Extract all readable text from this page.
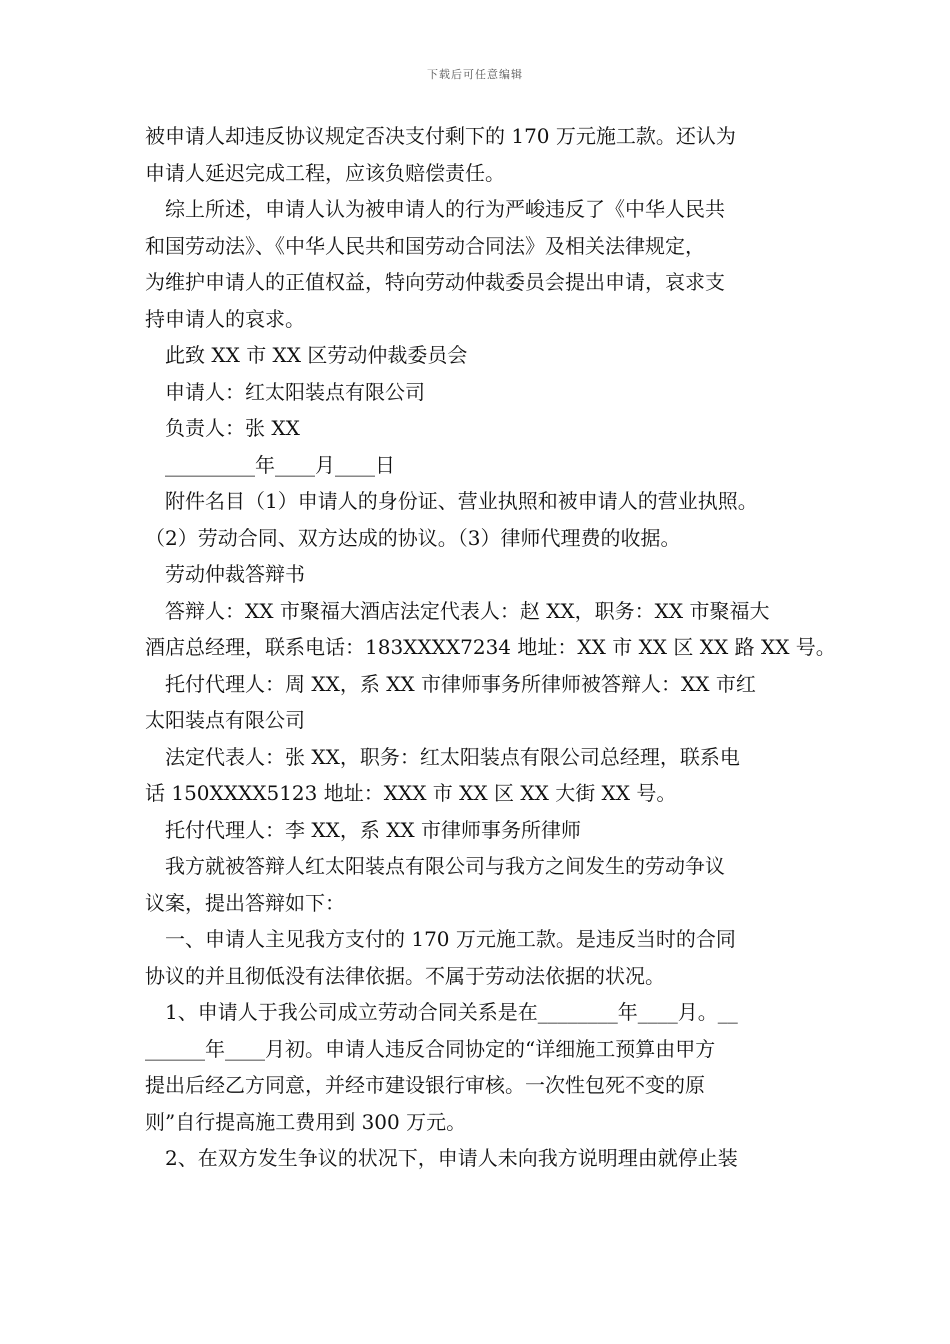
下载后可任意编辑
被申请人却违反协议规定否决支付剩下的 170 万元施工款。还认为
申请人延迟完成工程，应该负赔偿责任。
综上所述，申请人认为被申请人的行为严峻违反了《中华人民共
和国劳动法》、《中华人民共和国劳动合同法》及相关法律规定，
为维护申请人的正值权益，特向劳动仲裁委员会提出申请，哀求支
持申请人的哀求。
此致 XX 市 XX 区劳动仲裁委员会
申请人：红太阳装点有限公司
负责人：张 XX
_________年____月____日
附件名目（1）申请人的身份证、营业执照和被申请人的营业执照。
（2）劳动合同、双方达成的协议。（3）律师代理费的收据。
劳动仲裁答辩书
答辩人：XX 市聚福大酒店法定代表人：赵 XX，职务：XX 市聚福大
酒店总经理，联系电话：183XXXX7234 地址：XX 市 XX 区 XX 路 XX 号。
托付代理人：周 XX，系 XX 市律师事务所律师被答辩人：XX 市红
太阳装点有限公司
法定代表人：张 XX，职务：红太阳装点有限公司总经理，联系电
话 150XXXX5123 地址：XXX 市 XX 区 XX 大街 XX 号。
托付代理人：李 XX，系 XX 市律师事务所律师
我方就被答辩人红太阳装点有限公司与我方之间发生的劳动争议
议案，提出答辩如下：
一、申请人主见我方支付的 170 万元施工款。是违反当时的合同
协议的并且彻低没有法律依据。不属于劳动法依据的状况。
1、申请人于我公司成立劳动合同关系是在________年____月。__
______年____月初。申请人违反合同协定的“详细施工预算由甲方
提出后经乙方同意，并经市建设银行审核。一次性包死不变的原
则”自行提高施工费用到 300 万元。
2、在双方发生争议的状况下，申请人未向我方说明理由就停止装
